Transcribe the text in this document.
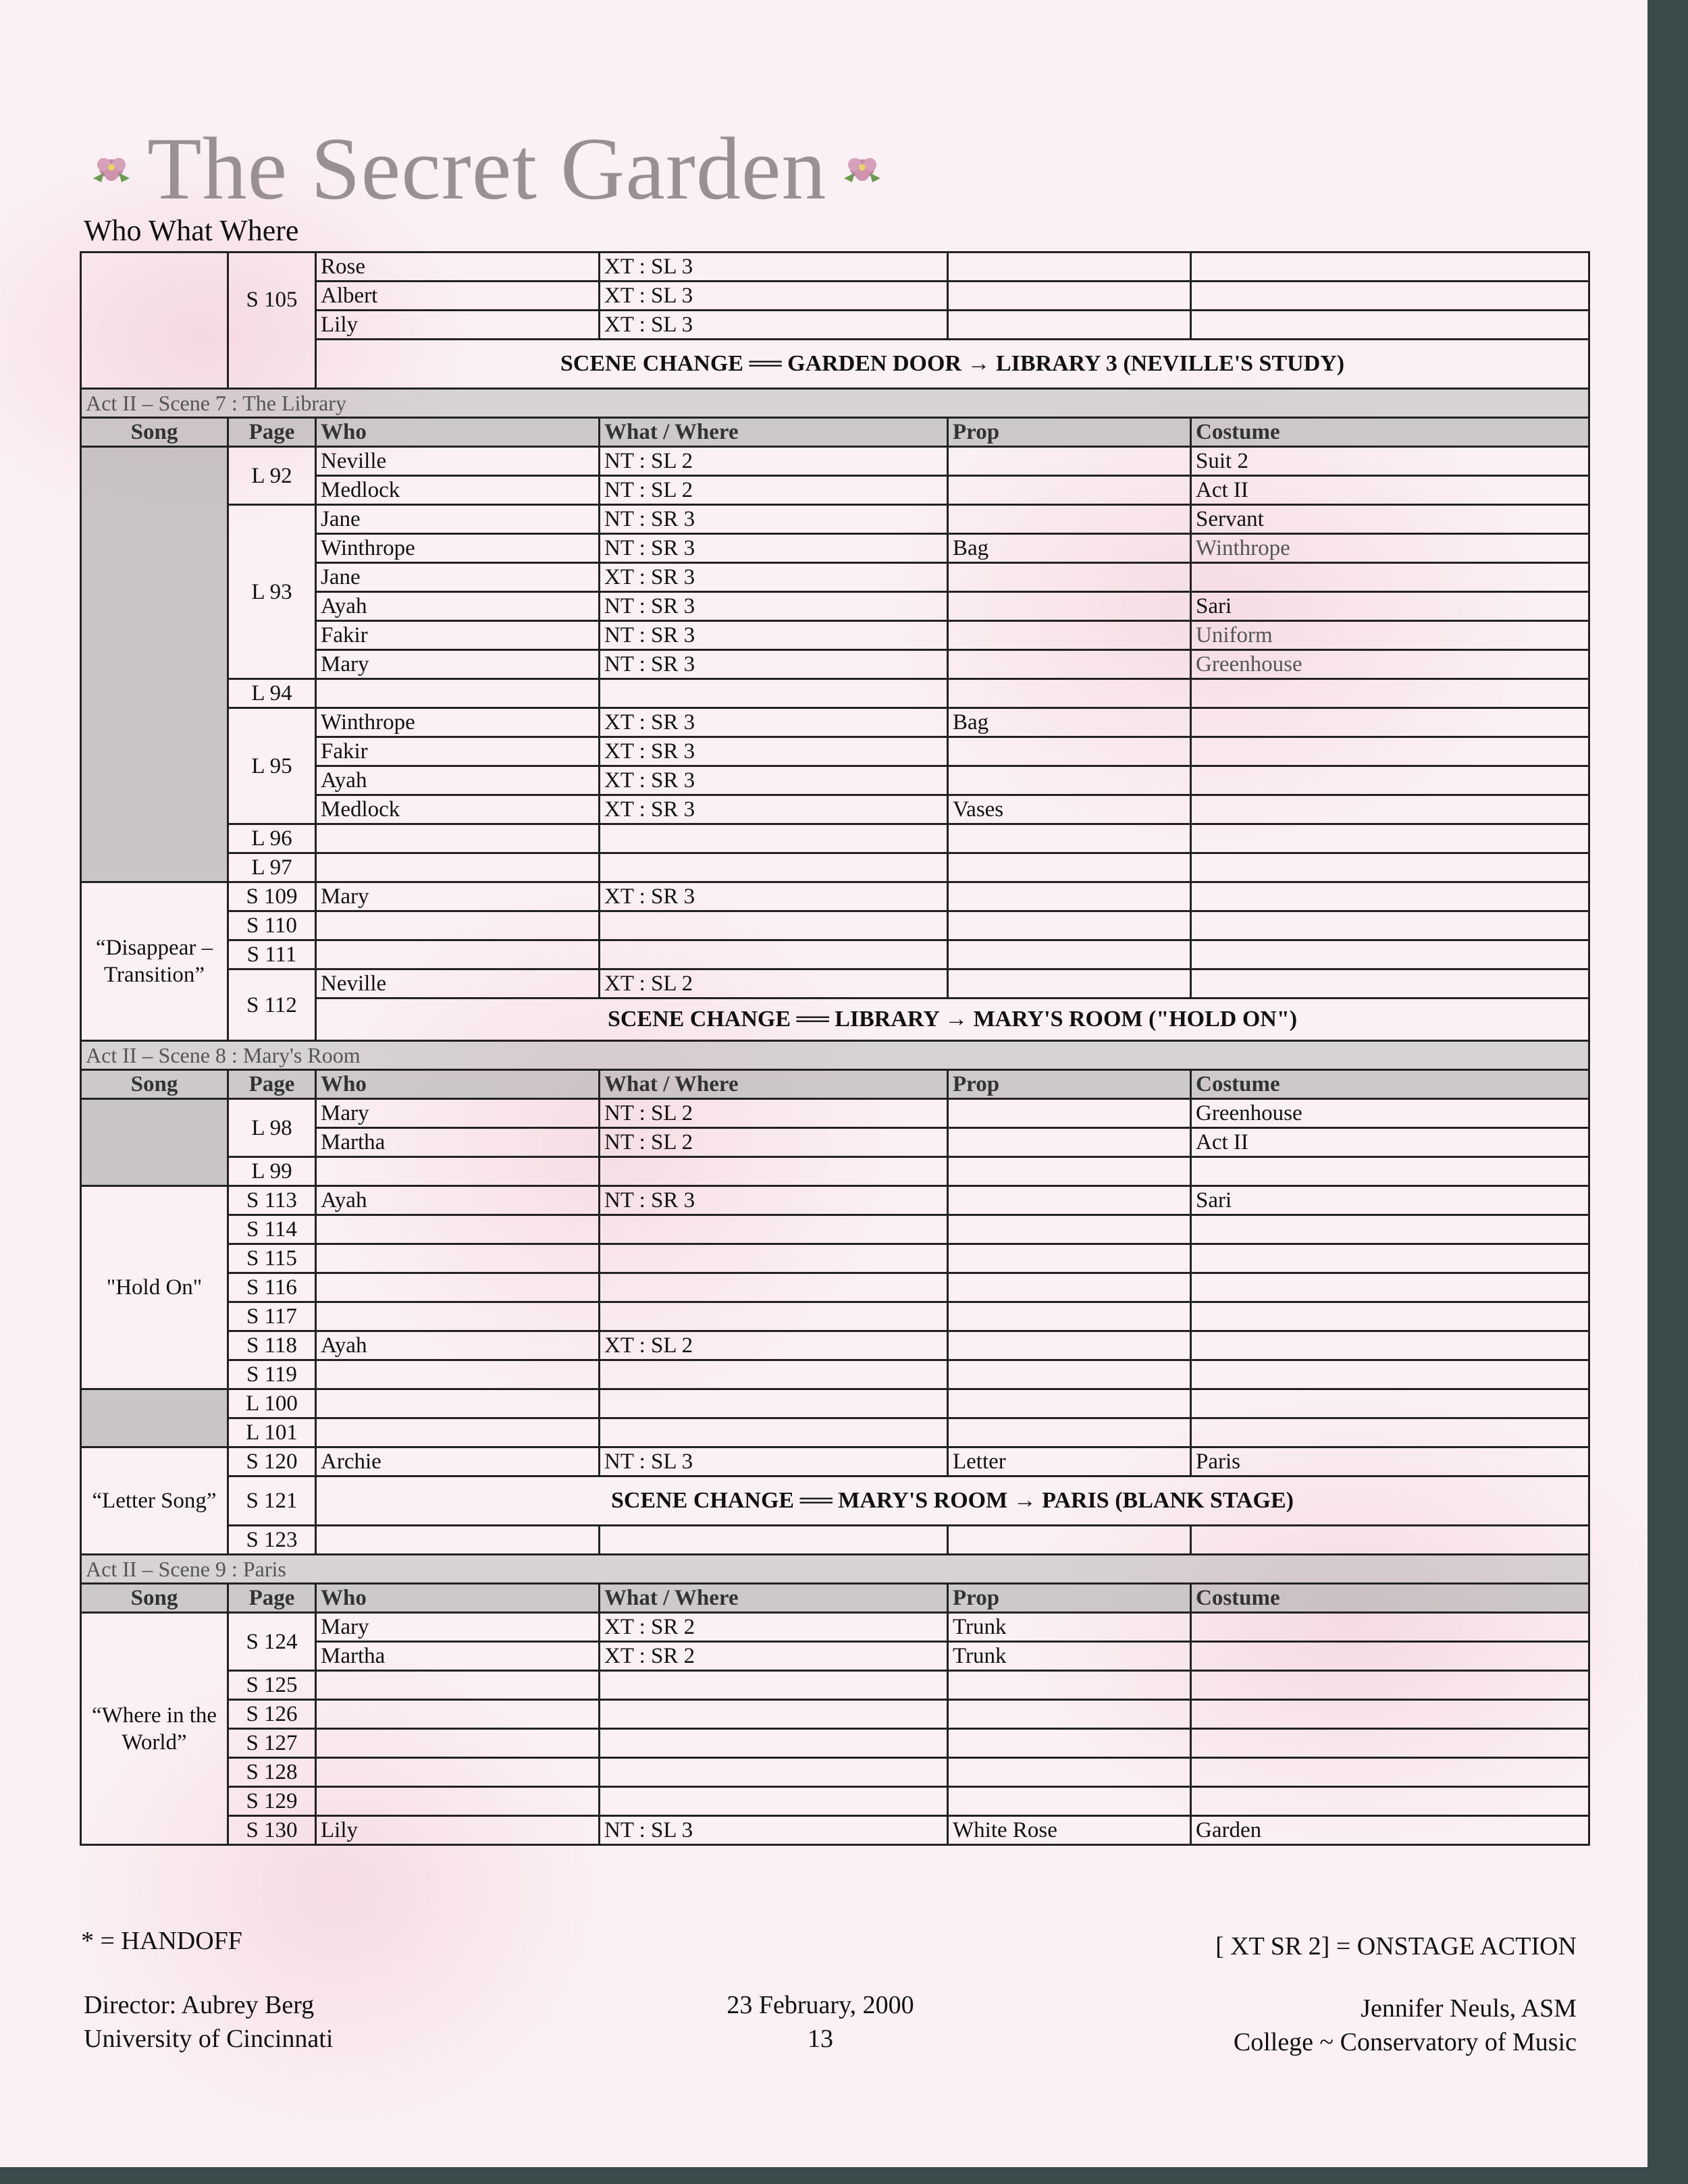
The Secret Garden
Who What Where
	S 105	Rose	XT : SL 3		
		Albert	XT : SL 3		
		Lily	XT : SL 3		
		SCENE CHANGE ══ GARDEN DOOR → LIBRARY 3 (NEVILLE'S STUDY)			
Act II – Scene 7 : The Library					
Song	Page	Who	What / Where	Prop	Costume
	L 92	Neville	NT : SL 2		Suit 2
		Medlock	NT : SL 2		Act II
	L 93	Jane	NT : SR 3		Servant
		Winthrope	NT : SR 3	Bag	Winthrope
		Jane	XT : SR 3		
		Ayah	NT : SR 3		Sari
		Fakir	NT : SR 3		Uniform
		Mary	NT : SR 3		Greenhouse
	L 94				
	L 95	Winthrope	XT : SR 3	Bag	
		Fakir	XT : SR 3		
		Ayah	XT : SR 3		
		Medlock	XT : SR 3	Vases	
	L 96				
	L 97				
“Disappear – Transition”	S 109	Mary	XT : SR 3		
	S 110				
	S 111				
	S 112	Neville	XT : SL 2		
		SCENE CHANGE ══ LIBRARY → MARY'S ROOM ("HOLD ON")			
Act II – Scene 8 : Mary's Room					
Song	Page	Who	What / Where	Prop	Costume
	L 98	Mary	NT : SL 2		Greenhouse
		Martha	NT : SL 2		Act II
	L 99				
"Hold On"	S 113	Ayah	NT : SR 3		Sari
	S 114				
	S 115				
	S 116				
	S 117				
	S 118	Ayah	XT : SL 2		
	S 119				
	L 100				
	L 101				
“Letter Song”	S 120	Archie	NT : SL 3	Letter	Paris
	S 121	SCENE CHANGE ══ MARY'S ROOM → PARIS (BLANK STAGE)			
	S 123				
Act II – Scene 9 : Paris					
Song	Page	Who	What / Where	Prop	Costume
“Where in the World”	S 124	Mary	XT : SR 2	Trunk	
		Martha	XT : SR 2	Trunk	
	S 125				
	S 126				
	S 127				
	S 128				
	S 129				
	S 130	Lily	NT : SL 3	White Rose	Garden
* = HANDOFF	[ XT SR 2] = ONSTAGE ACTION
Director: Aubrey Berg
University of Cincinnati
23 February, 2000
13
Jennifer Neuls, ASM
College ~ Conservatory of Music
